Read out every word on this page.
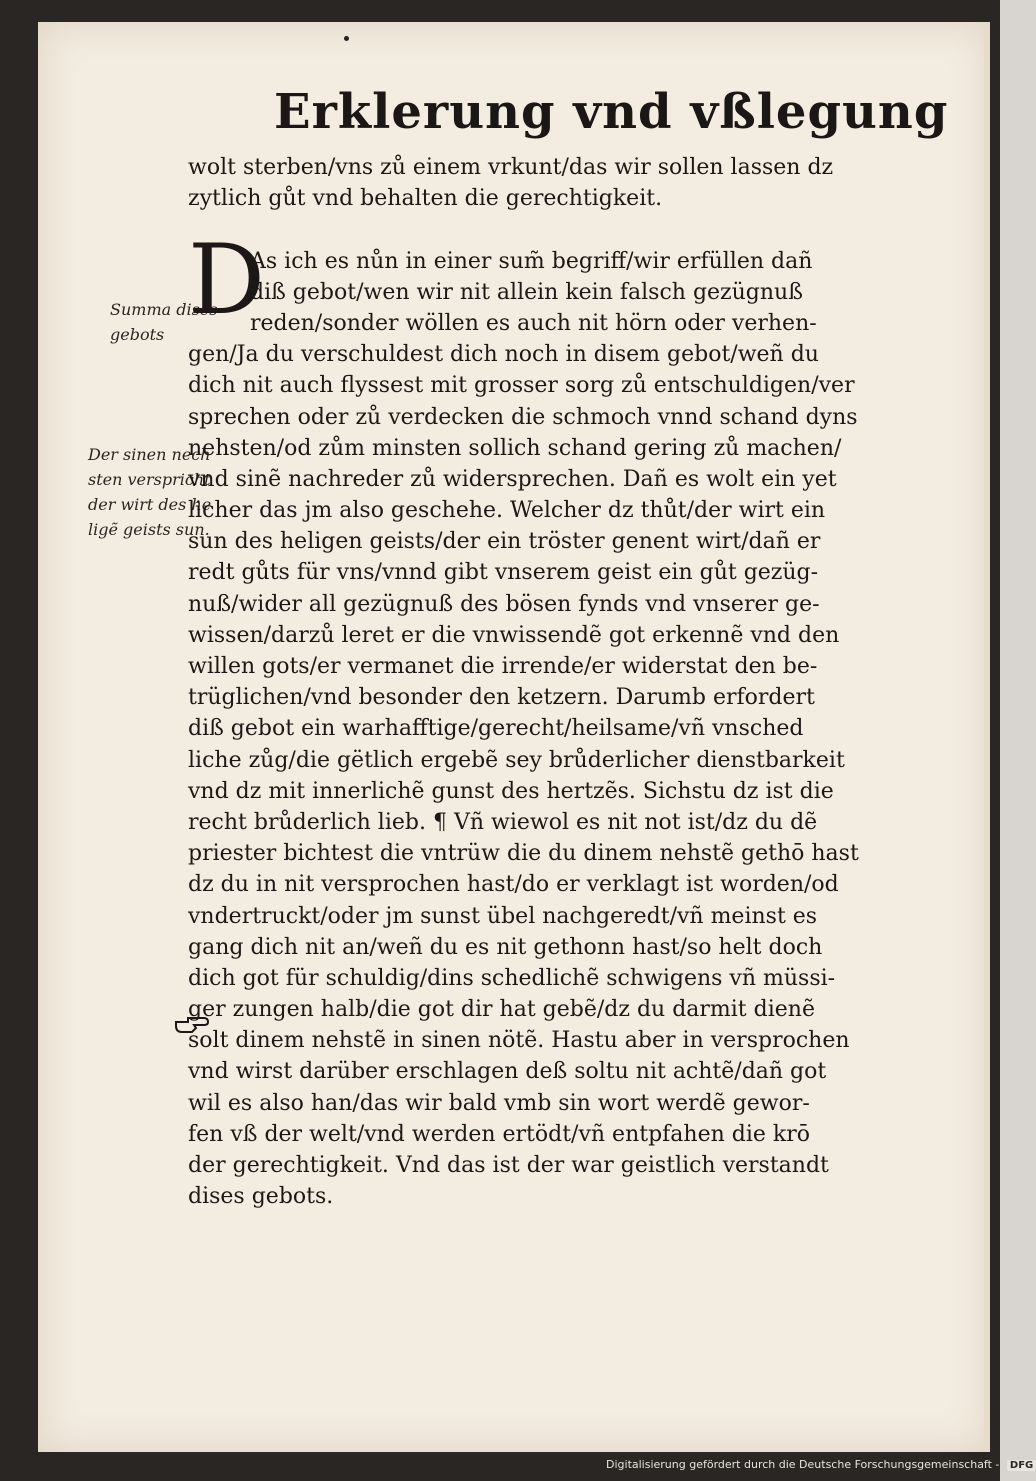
Erklerung vnd vßlegung
Summa dises
gebots
Der sinen nech
sten verspricht
der wirt des he
ligẽ geists sun.
D
wolt sterben/vns zů einem vrkunt/das wir sollen lassen dz
zytlich gůt vnd behalten die gerechtigkeit.
As ich es nůn in einer sum̃ begriff/wir erfüllen dañ
diß gebot/wen wir nit allein kein falsch gezügnuß
reden/sonder wöllen es auch nit hörn oder verhen-
gen/Ja du verschuldest dich noch in disem gebot/weñ du
dich nit auch flyssest mit grosser sorg zů entschuldigen/ver
sprechen oder zů verdecken die schmoch vnnd schand dyns
nehsten/od zům minsten sollich schand gering zů machen/
vnd sinẽ nachreder zů widersprechen. Dañ es wolt ein yet
licher das jm also geschehe. Welcher dz thůt/der wirt ein
sun des heligen geists/der ein tröster genent wirt/dañ er
redt gůts für vns/vnnd gibt vnserem geist ein gůt gezüg-
nuß/wider all gezügnuß des bösen fynds vnd vnserer ge-
wissen/darzů leret er die vnwissendẽ got erkennẽ vnd den
willen gots/er vermanet die irrende/er widerstat den be-
trüglichen/vnd besonder den ketzern. Darumb erfordert
diß gebot ein warhafftige/gerecht/heilsame/vñ vnsched
liche zůg/die gëtlich ergebẽ sey brůderlicher dienstbarkeit
vnd dz mit innerlichẽ gunst des hertzẽs. Sichstu dz ist die
recht brůderlich lieb. ¶ Vñ wiewol es nit not ist/dz du dẽ
priester bichtest die vntrüw die du dinem nehstẽ gethō hast
dz du in nit versprochen hast/do er verklagt ist worden/od
vndertruckt/oder jm sunst übel nachgeredt/vñ meinst es
gang dich nit an/weñ du es nit gethonn hast/so helt doch
dich got für schuldig/dins schedlichẽ schwigens vñ müssi-
ger zungen halb/die got dir hat gebẽ/dz du darmit dienẽ
solt dinem nehstẽ in sinen nötẽ. Hastu aber in versprochen
vnd wirst darüber erschlagen deß soltu nit achtẽ/dañ got
wil es also han/das wir bald vmb sin wort werdẽ gewor-
fen vß der welt/vnd werden ertödt/vñ entpfahen die krō
der gerechtigkeit. Vnd das ist der war geistlich verstandt
dises gebots.
Digitalisierung gefördert durch die Deutsche Forschungsgemeinschaft - DFG
